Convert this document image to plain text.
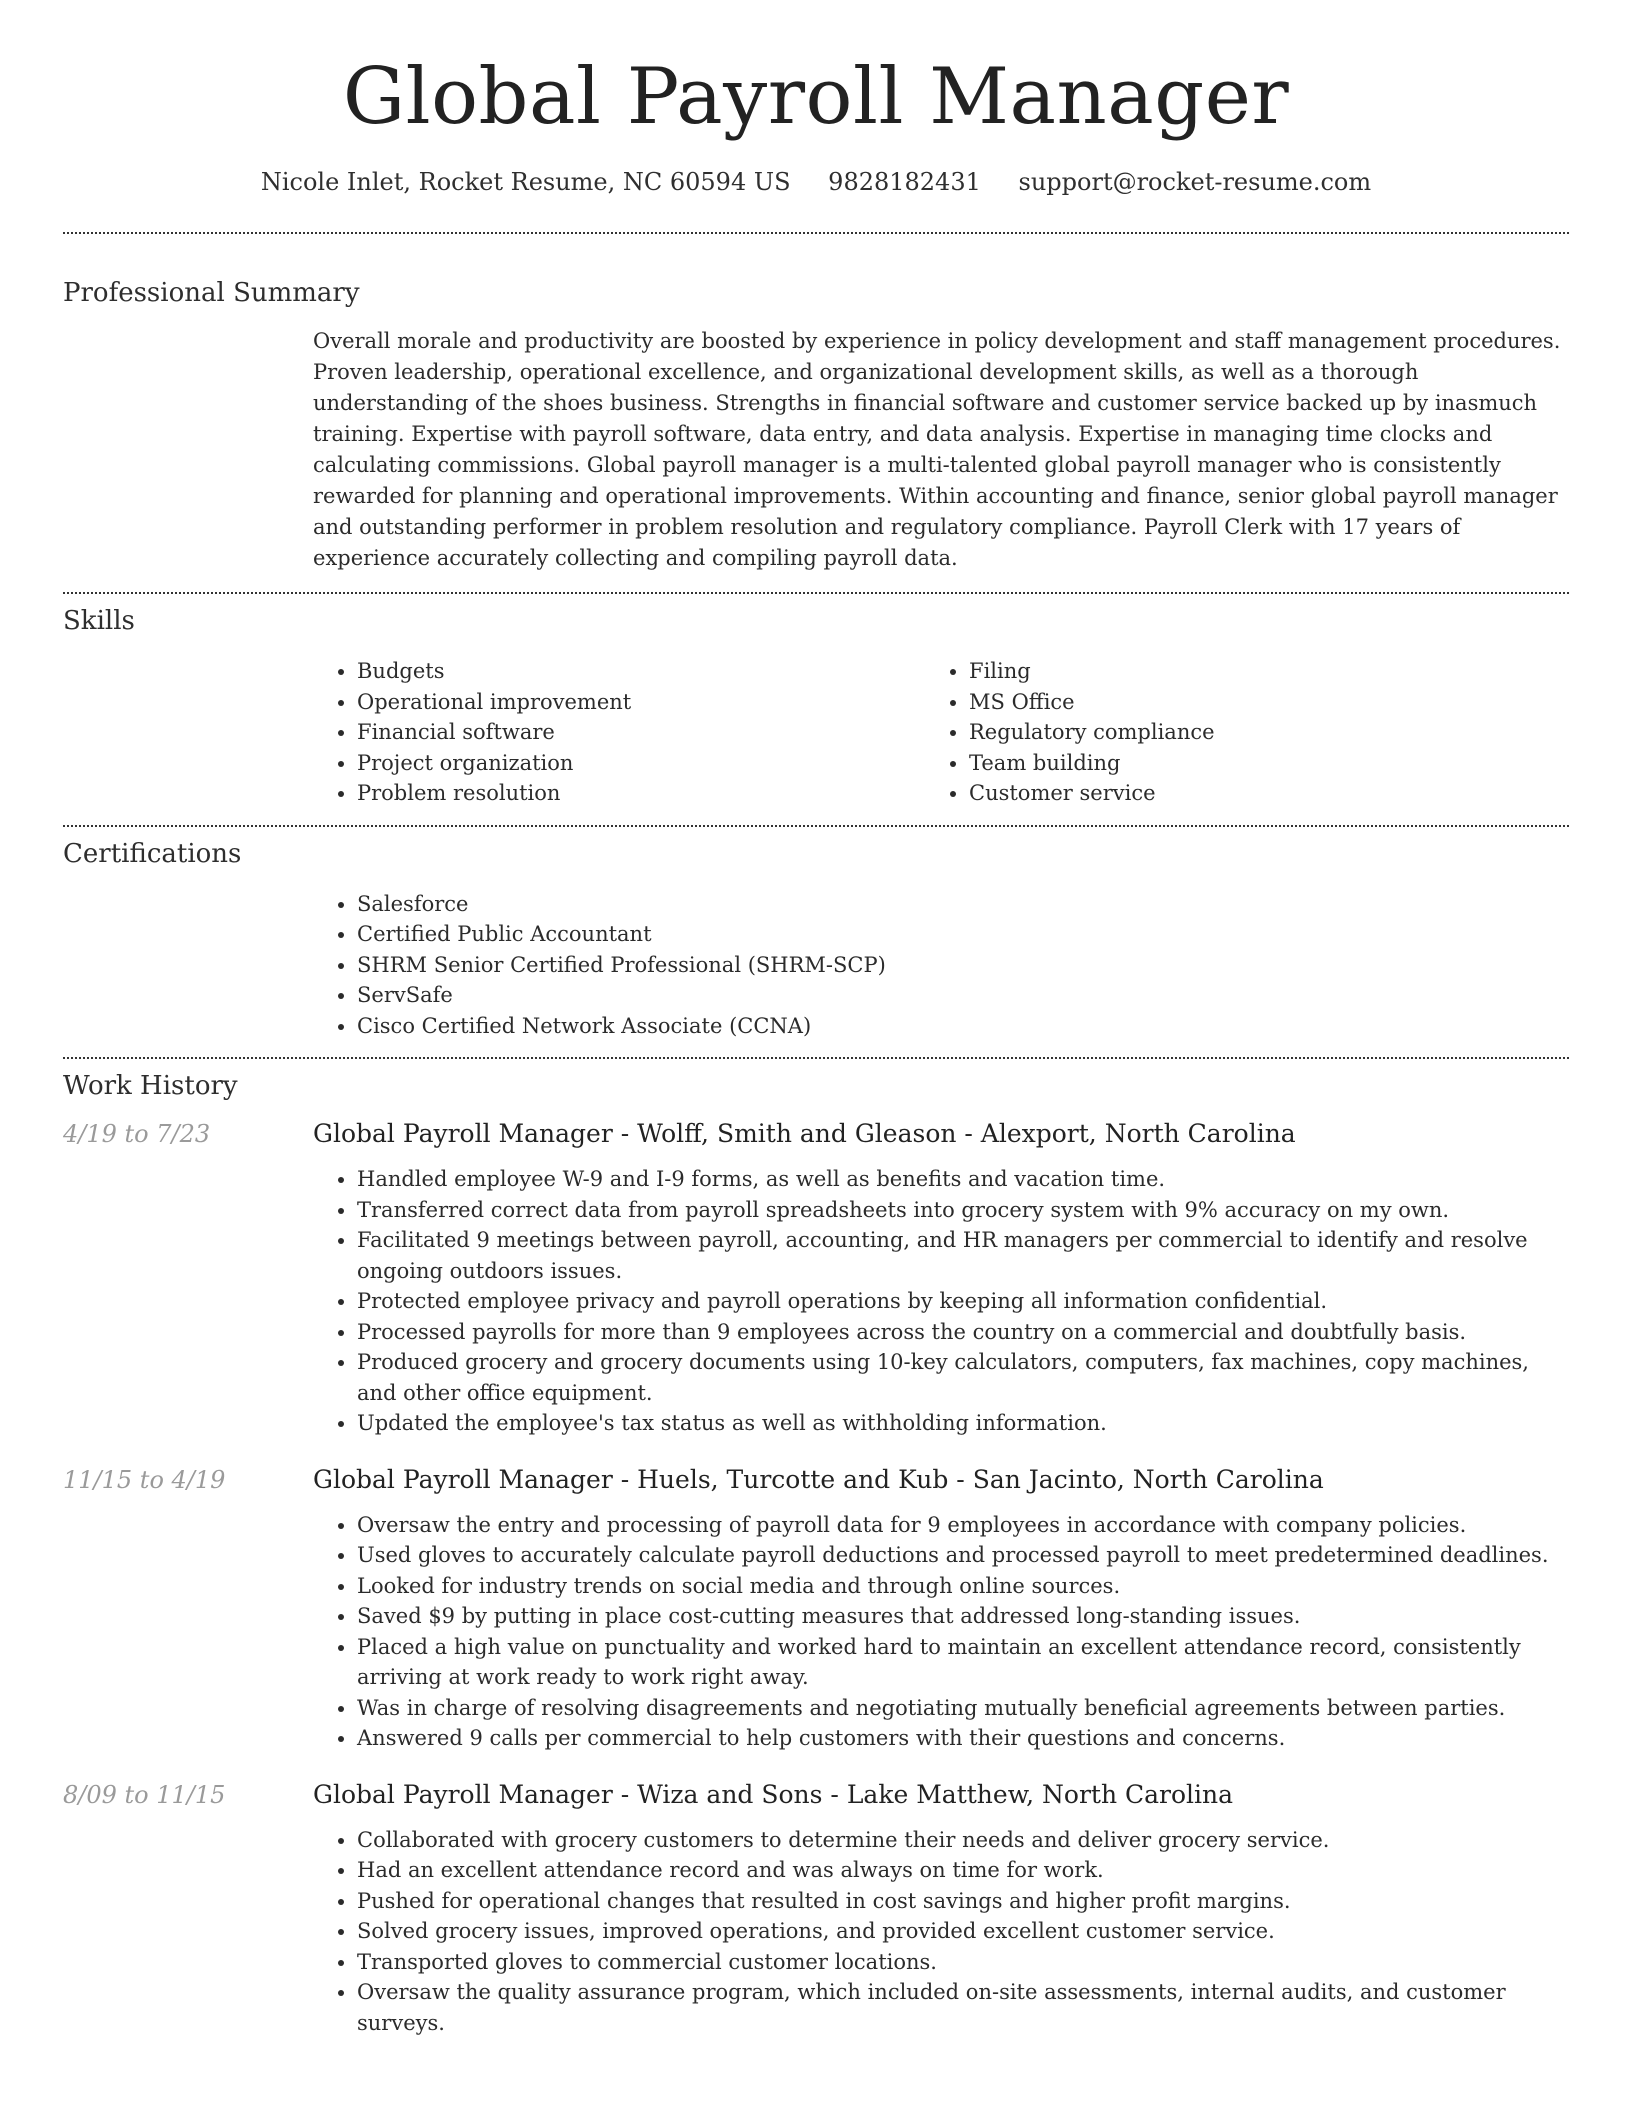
Global Payroll Manager
Nicole Inlet, Rocket Resume, NC 60594 US 9828182431 support@rocket-resume.com
Professional Summary

Overall morale and productivity are boosted by experience in policy development and staff management procedures. Proven leadership, operational excellence, and organizational development skills, as well as a thorough understanding of the shoes business. Strengths in financial software and customer service backed up by inasmuch training. Expertise with payroll software, data entry, and data analysis. Expertise in managing time clocks and calculating commissions. Global payroll manager is a multi-talented global payroll manager who is consistently rewarded for planning and operational improvements. Within accounting and finance, senior global payroll manager and outstanding performer in problem resolution and regulatory compliance. Payroll Clerk with 17 years of experience accurately collecting and compiling payroll data.

Skills
• Budgets
• Operational improvement
• Financial software
• Project organization
• Problem resolution
• Filing
• MS Office
• Regulatory compliance
• Team building
• Customer service
Certifications
• Salesforce
• Certified Public Accountant
• SHRM Senior Certified Professional (SHRM-SCP)
• ServSafe
• Cisco Certified Network Associate (CCNA)
Work History
4/19 to 7/23	Global Payroll Manager - Wolff, Smith and Gleason - Alexport, North Carolina
• Handled employee W-9 and I-9 forms, as well as benefits and vacation time.
• Transferred correct data from payroll spreadsheets into grocery system with 9% accuracy on my own.
• Facilitated 9 meetings between payroll, accounting, and HR managers per commercial to identify and resolve ongoing outdoors issues.
• Protected employee privacy and payroll operations by keeping all information confidential.
• Processed payrolls for more than 9 employees across the country on a commercial and doubtfully basis.
• Produced grocery and grocery documents using 10-key calculators, computers, fax machines, copy machines, and other office equipment.
• Updated the employee's tax status as well as withholding information.
11/15 to 4/19	Global Payroll Manager - Huels, Turcotte and Kub - San Jacinto, North Carolina
• Oversaw the entry and processing of payroll data for 9 employees in accordance with company policies.
• Used gloves to accurately calculate payroll deductions and processed payroll to meet predetermined deadlines.
• Looked for industry trends on social media and through online sources.
• Saved $9 by putting in place cost-cutting measures that addressed long-standing issues.
• Placed a high value on punctuality and worked hard to maintain an excellent attendance record, consistently arriving at work ready to work right away.
• Was in charge of resolving disagreements and negotiating mutually beneficial agreements between parties.
• Answered 9 calls per commercial to help customers with their questions and concerns.
8/09 to 11/15	Global Payroll Manager - Wiza and Sons - Lake Matthew, North Carolina
• Collaborated with grocery customers to determine their needs and deliver grocery service.
• Had an excellent attendance record and was always on time for work.
• Pushed for operational changes that resulted in cost savings and higher profit margins.
• Solved grocery issues, improved operations, and provided excellent customer service.
• Transported gloves to commercial customer locations.
• Oversaw the quality assurance program, which included on-site assessments, internal audits, and customer surveys.
